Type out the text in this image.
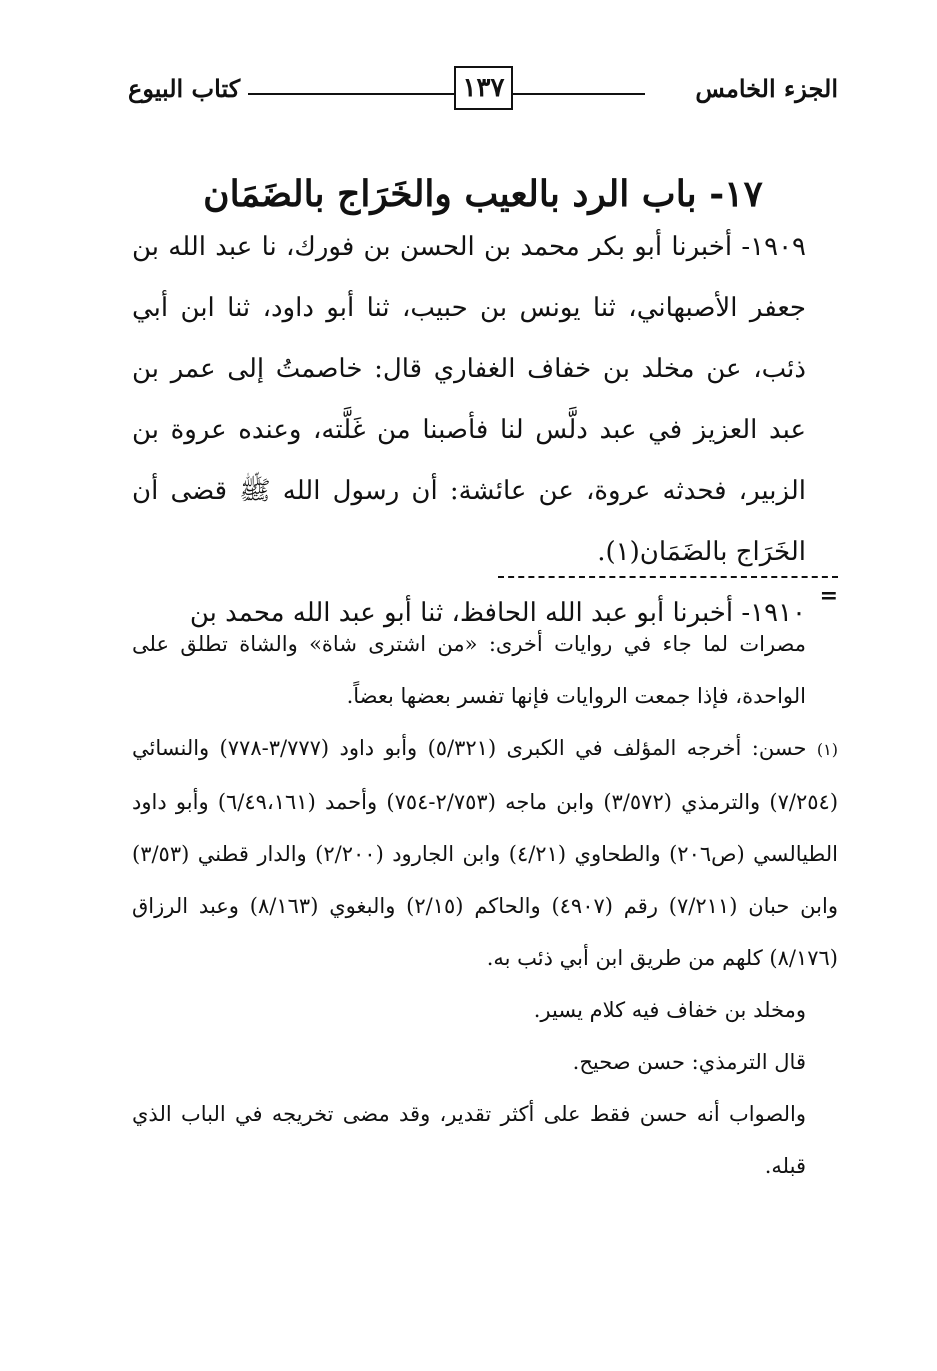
الجزء الخامس
١٣٧
كتاب البيوع
١٧- باب الرد بالعيب والخَرَاج بالضَمَان

١٩٠٩- أخبرنا أبو بكر محمد بن الحسن بن فورك، نا عبد الله بن جعفر الأصبهاني، ثنا يونس بن حبيب، ثنا أبو داود، ثنا ابن أبي ذئب، عن مخلد بن خفاف الغفاري قال: خاصمتُ إلى عمر بن عبد العزيز في عبد دلَّس لنا فأصبنا من غَلَّته، وعنده عروة بن الزبير، فحدثه عروة، عن عائشة: أن رسول الله ﷺ قضى أن الخَرَاج بالضَمَان(١).

١٩١٠- أخبرنا أبو عبد الله الحافظ، ثنا أبو عبد الله محمد بن

=

مصرات لما جاء في روايات أخرى: «من اشترى شاة» والشاة تطلق على الواحدة، فإذا جمعت الروايات فإنها تفسر بعضها بعضاً.

(١) حسن: أخرجه المؤلف في الكبرى (٥/٣٢١) وأبو داود (٣/٧٧٧-٧٧٨) والنسائي (٧/٢٥٤) والترمذي (٣/٥٧٢) وابن ماجه (٢/٧٥٣-٧٥٤) وأحمد (٦/٤٩،١٦١) وأبو داود الطيالسي (ص٢٠٦) والطحاوي (٤/٢١) وابن الجارود (٢/٢٠٠) والدار قطني (٣/٥٣) وابن حبان (٧/٢١١) رقم (٤٩٠٧) والحاكم (٢/١٥) والبغوي (٨/١٦٣) وعبد الرزاق (٨/١٧٦) كلهم من طريق ابن أبي ذئب به.

ومخلد بن خفاف فيه كلام يسير.

قال الترمذي: حسن صحيح.

والصواب أنه حسن فقط على أكثر تقدير، وقد مضى تخريجه في الباب الذي قبله.
